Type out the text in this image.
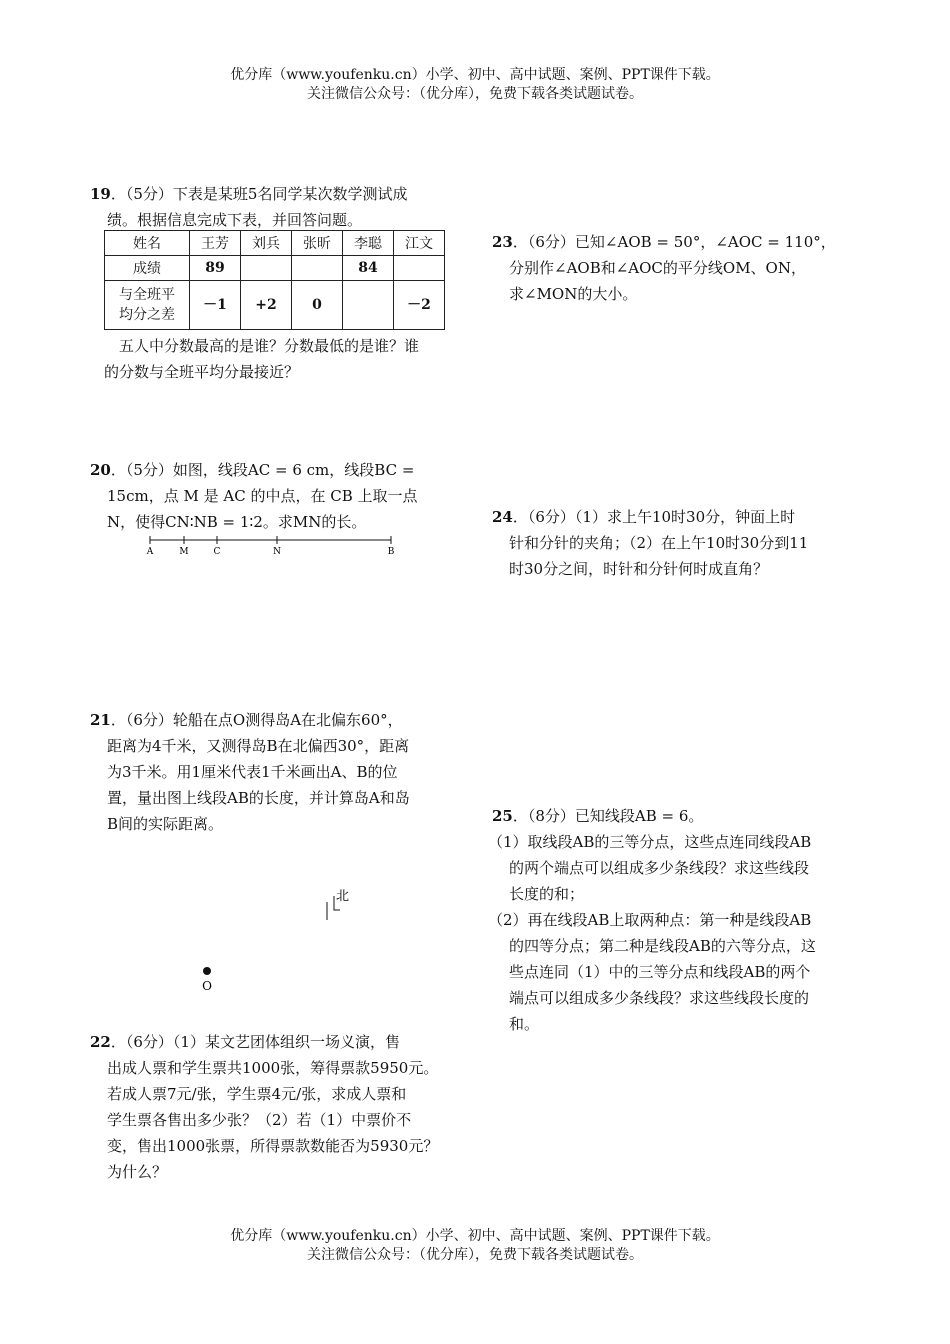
优分库（www.youfenku.cn）小学、初中、高中试题、案例、PPT课件下载。
关注微信公众号：（优分库），免费下载各类试题试卷。

19．（5分）下表是某班5名同学某次数学测试成

绩。根据信息完成下表，并回答问题。

姓名	王芳	刘兵	张昕	李聪	江文
成绩	89			84	

与全班平
均分之差	－1	+2	0		－2

五人中分数最高的是谁？分数最低的是谁？谁

的分数与全班平均分最接近？

20．（5分）如图，线段AC = 6 cm，线段BC =

15cm，点 M 是 AC 的中点，在 CB 上取一点

N，使得CN∶NB = 1∶2。求MN的长。

A	M	C	N	B

21．（6分）轮船在点O测得岛A在北偏东60°，

距离为4千米，又测得岛B在北偏西30°，距离

为3千米。用1厘米代表1千米画出A、B的位

置，量出图上线段AB的长度，并计算岛A和岛

B间的实际距离。

北
O

22．（6分）（1）某文艺团体组织一场义演，售

出成人票和学生票共1000张，筹得票款5950元。

若成人票7元/张，学生票4元/张，求成人票和

学生票各售出多少张？（2）若（1）中票价不

变，售出1000张票，所得票款数能否为5930元？

为什么？

23．（6分）已知∠AOB = 50°，∠AOC = 110°，

分别作∠AOB和∠AOC的平分线OM、ON，

求∠MON的大小。

24．（6分）（1）求上午10时30分，钟面上时

针和分针的夹角；（2）在上午10时30分到11

时30分之间，时针和分针何时成直角？

25．（8分）已知线段AB = 6。

（1）取线段AB的三等分点，这些点连同线段AB

的两个端点可以组成多少条线段？求这些线段

长度的和；

（2）再在线段AB上取两种点：第一种是线段AB

的四等分点；第二种是线段AB的六等分点，这

些点连同（1）中的三等分点和线段AB的两个

端点可以组成多少条线段？求这些线段长度的

和。

优分库（www.youfenku.cn）小学、初中、高中试题、案例、PPT课件下载。
关注微信公众号：（优分库），免费下载各类试题试卷。
